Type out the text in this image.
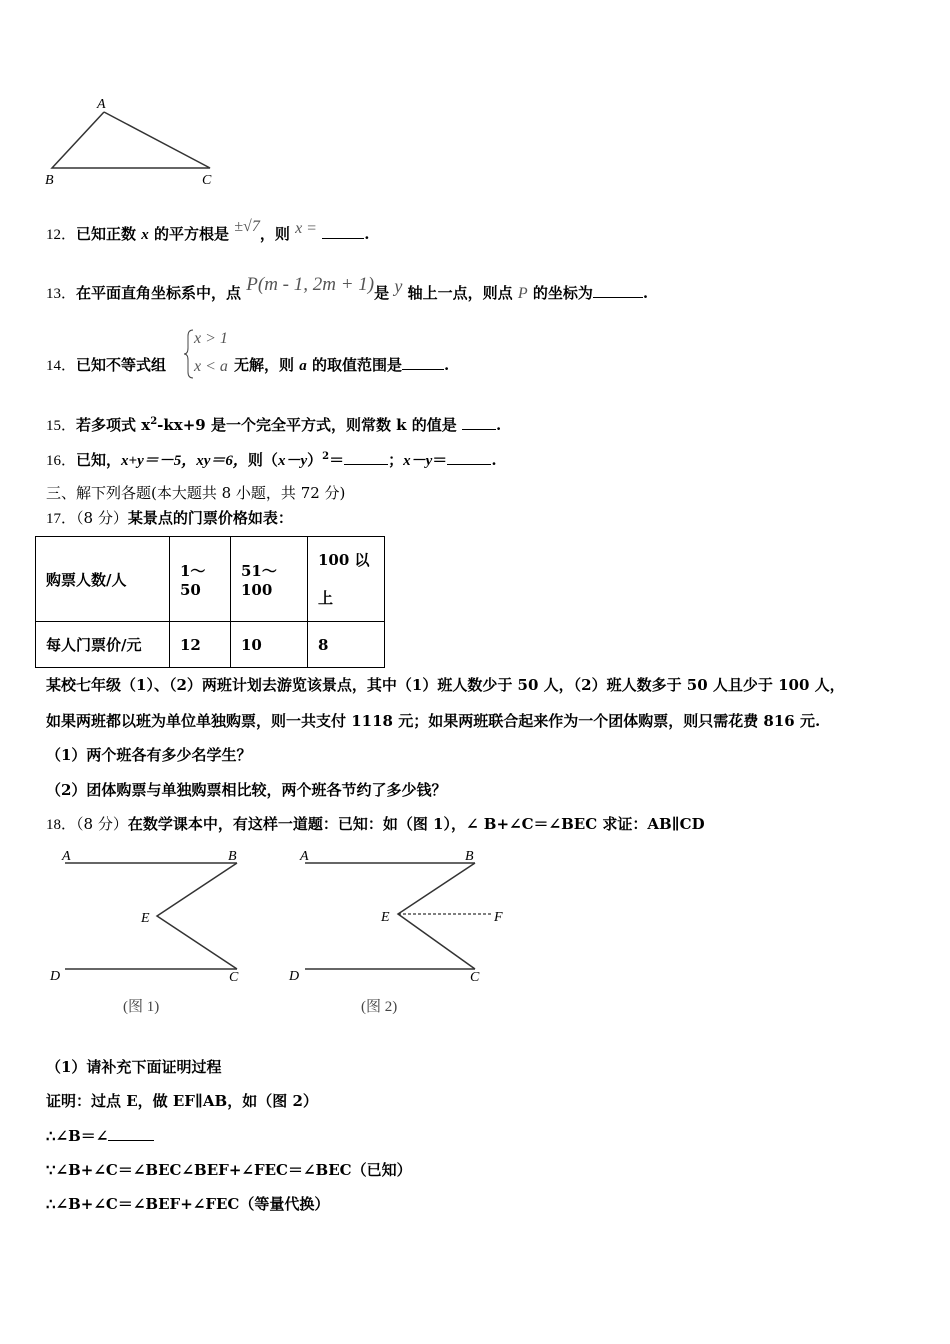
A
B	C
12．已知正数 x 的平方根是 ±√7，则 x =	.
13．在平面直角坐标系中，点 P(m - 1, 2m + 1)是 y 轴上一点，则点 P 的坐标为	.
14．已知不等式组
x > 1
x < a 无解，则 a 的取值范围是	.
15．若多项式 $x^2-kx+9$ 是一个完全平方式，则常数 k 的值是	.
16．已知，x+y＝－5，xy＝6，则$(x-y)^2=$	；x－y＝	.
三、解下列各题(本大题共 8 小题，共 72 分)
17．（8 分）某景点的门票价格如表：
购票人数/人	1～50	51～100	100 以
上
每人门票价/元	12	10	8
某校七年级（1）、（2）两班计划去游览该景点，其中（1）班人数少于 50 人，（2）班人数多于 50 人且少于 100 人，
如果两班都以班为单位单独购票，则一共支付 1118 元；如果两班联合起来作为一个团体购票，则只需花费 816 元.
（1）两个班各有多少名学生？
（2）团体购票与单独购票相比较，两个班各节约了多少钱？
18．（8 分）在数学课本中，有这样一道题：已知：如（图 1），∠ B+∠C＝∠BEC 求证：AB∥CD
A	B
E
D	C
(图 1)
A	B
E	F
D	C
(图 2)
（1）请补充下面证明过程
证明：过点 E，做 EF∥AB，如（图 2）
∴∠B＝∠
∵∠B+∠C＝∠BEC∠BEF+∠FEC＝∠BEC（已知）
∴∠B+∠C＝∠BEF+∠FEC（等量代换）
